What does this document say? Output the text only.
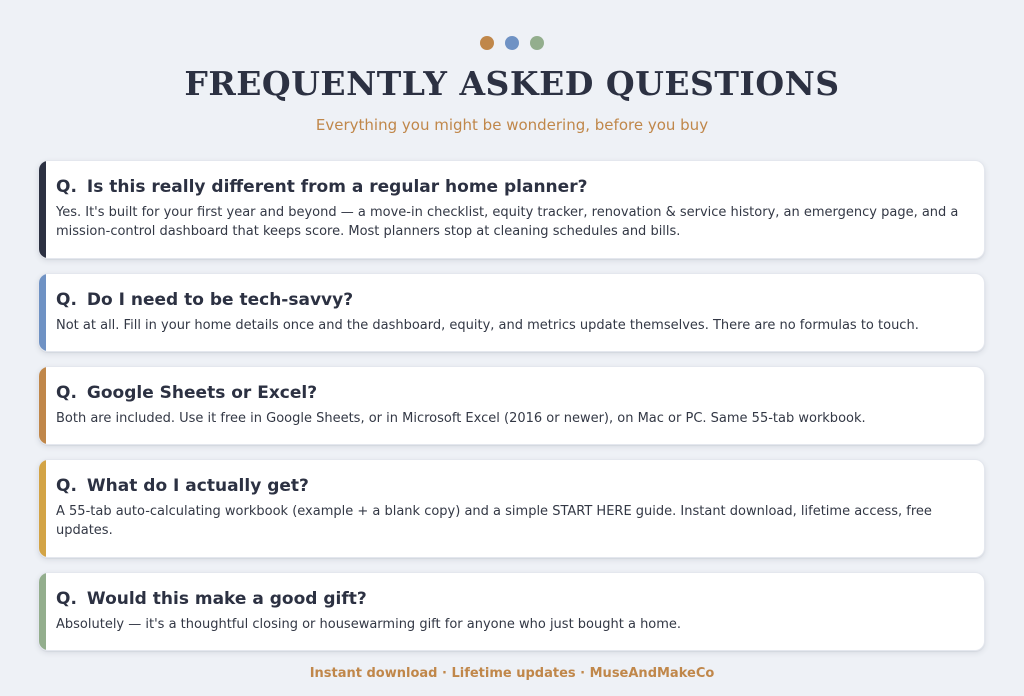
FREQUENTLY ASKED QUESTIONS
Everything you might be wondering, before you buy
Q. Is this really different from a regular home planner?
Yes. It's built for your first year and beyond — a move-in checklist, equity tracker, renovation & service history, an emergency page, and a mission-control dashboard that keeps score. Most planners stop at cleaning schedules and bills.
Q. Do I need to be tech-savvy?
Not at all. Fill in your home details once and the dashboard, equity, and metrics update themselves. There are no formulas to touch.
Q. Google Sheets or Excel?
Both are included. Use it free in Google Sheets, or in Microsoft Excel (2016 or newer), on Mac or PC. Same 55-tab workbook.
Q. What do I actually get?
A 55-tab auto-calculating workbook (example + a blank copy) and a simple START HERE guide. Instant download, lifetime access, free updates.
Q. Would this make a good gift?
Absolutely — it's a thoughtful closing or housewarming gift for anyone who just bought a home.
Instant download · Lifetime updates · MuseAndMakeCo
